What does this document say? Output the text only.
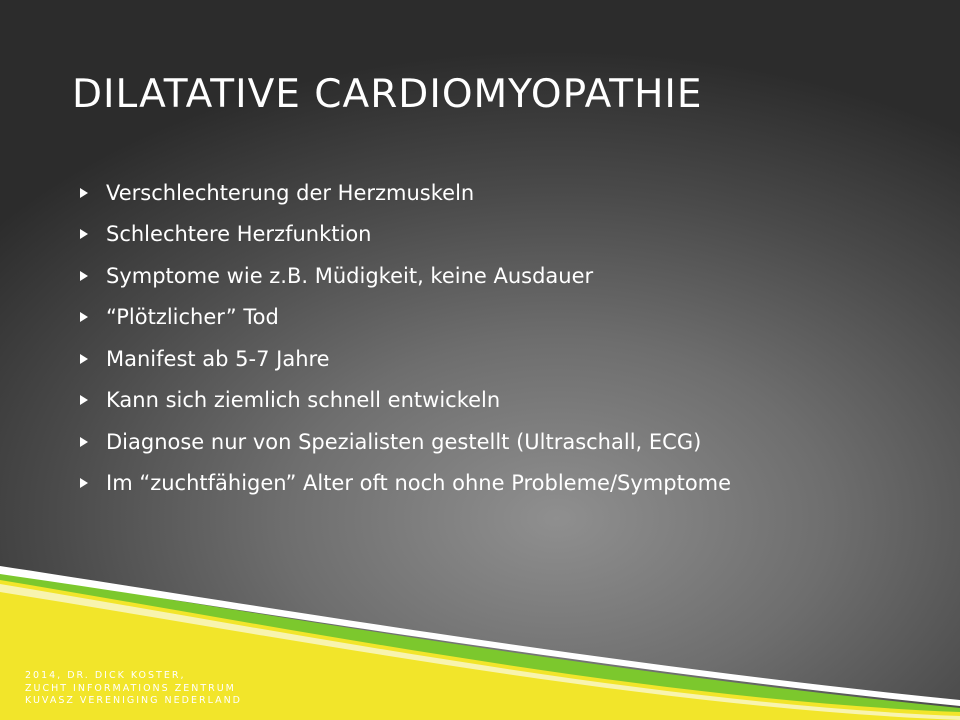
DILATATIVE CARDIOMYOPATHIE
Verschlechterung der Herzmuskeln
Schlechtere Herzfunktion
Symptome wie z.B. Müdigkeit, keine Ausdauer
“Plötzlicher” Tod
Manifest ab 5-7 Jahre
Kann sich ziemlich schnell entwickeln
Diagnose nur von Spezialisten gestellt (Ultraschall, ECG)
Im “zuchtfähigen” Alter oft noch ohne Probleme/Symptome

2014, DR. DICK KOSTER,
ZUCHT INFORMATIONS ZENTRUM
KUVASZ VERENIGING NEDERLAND
